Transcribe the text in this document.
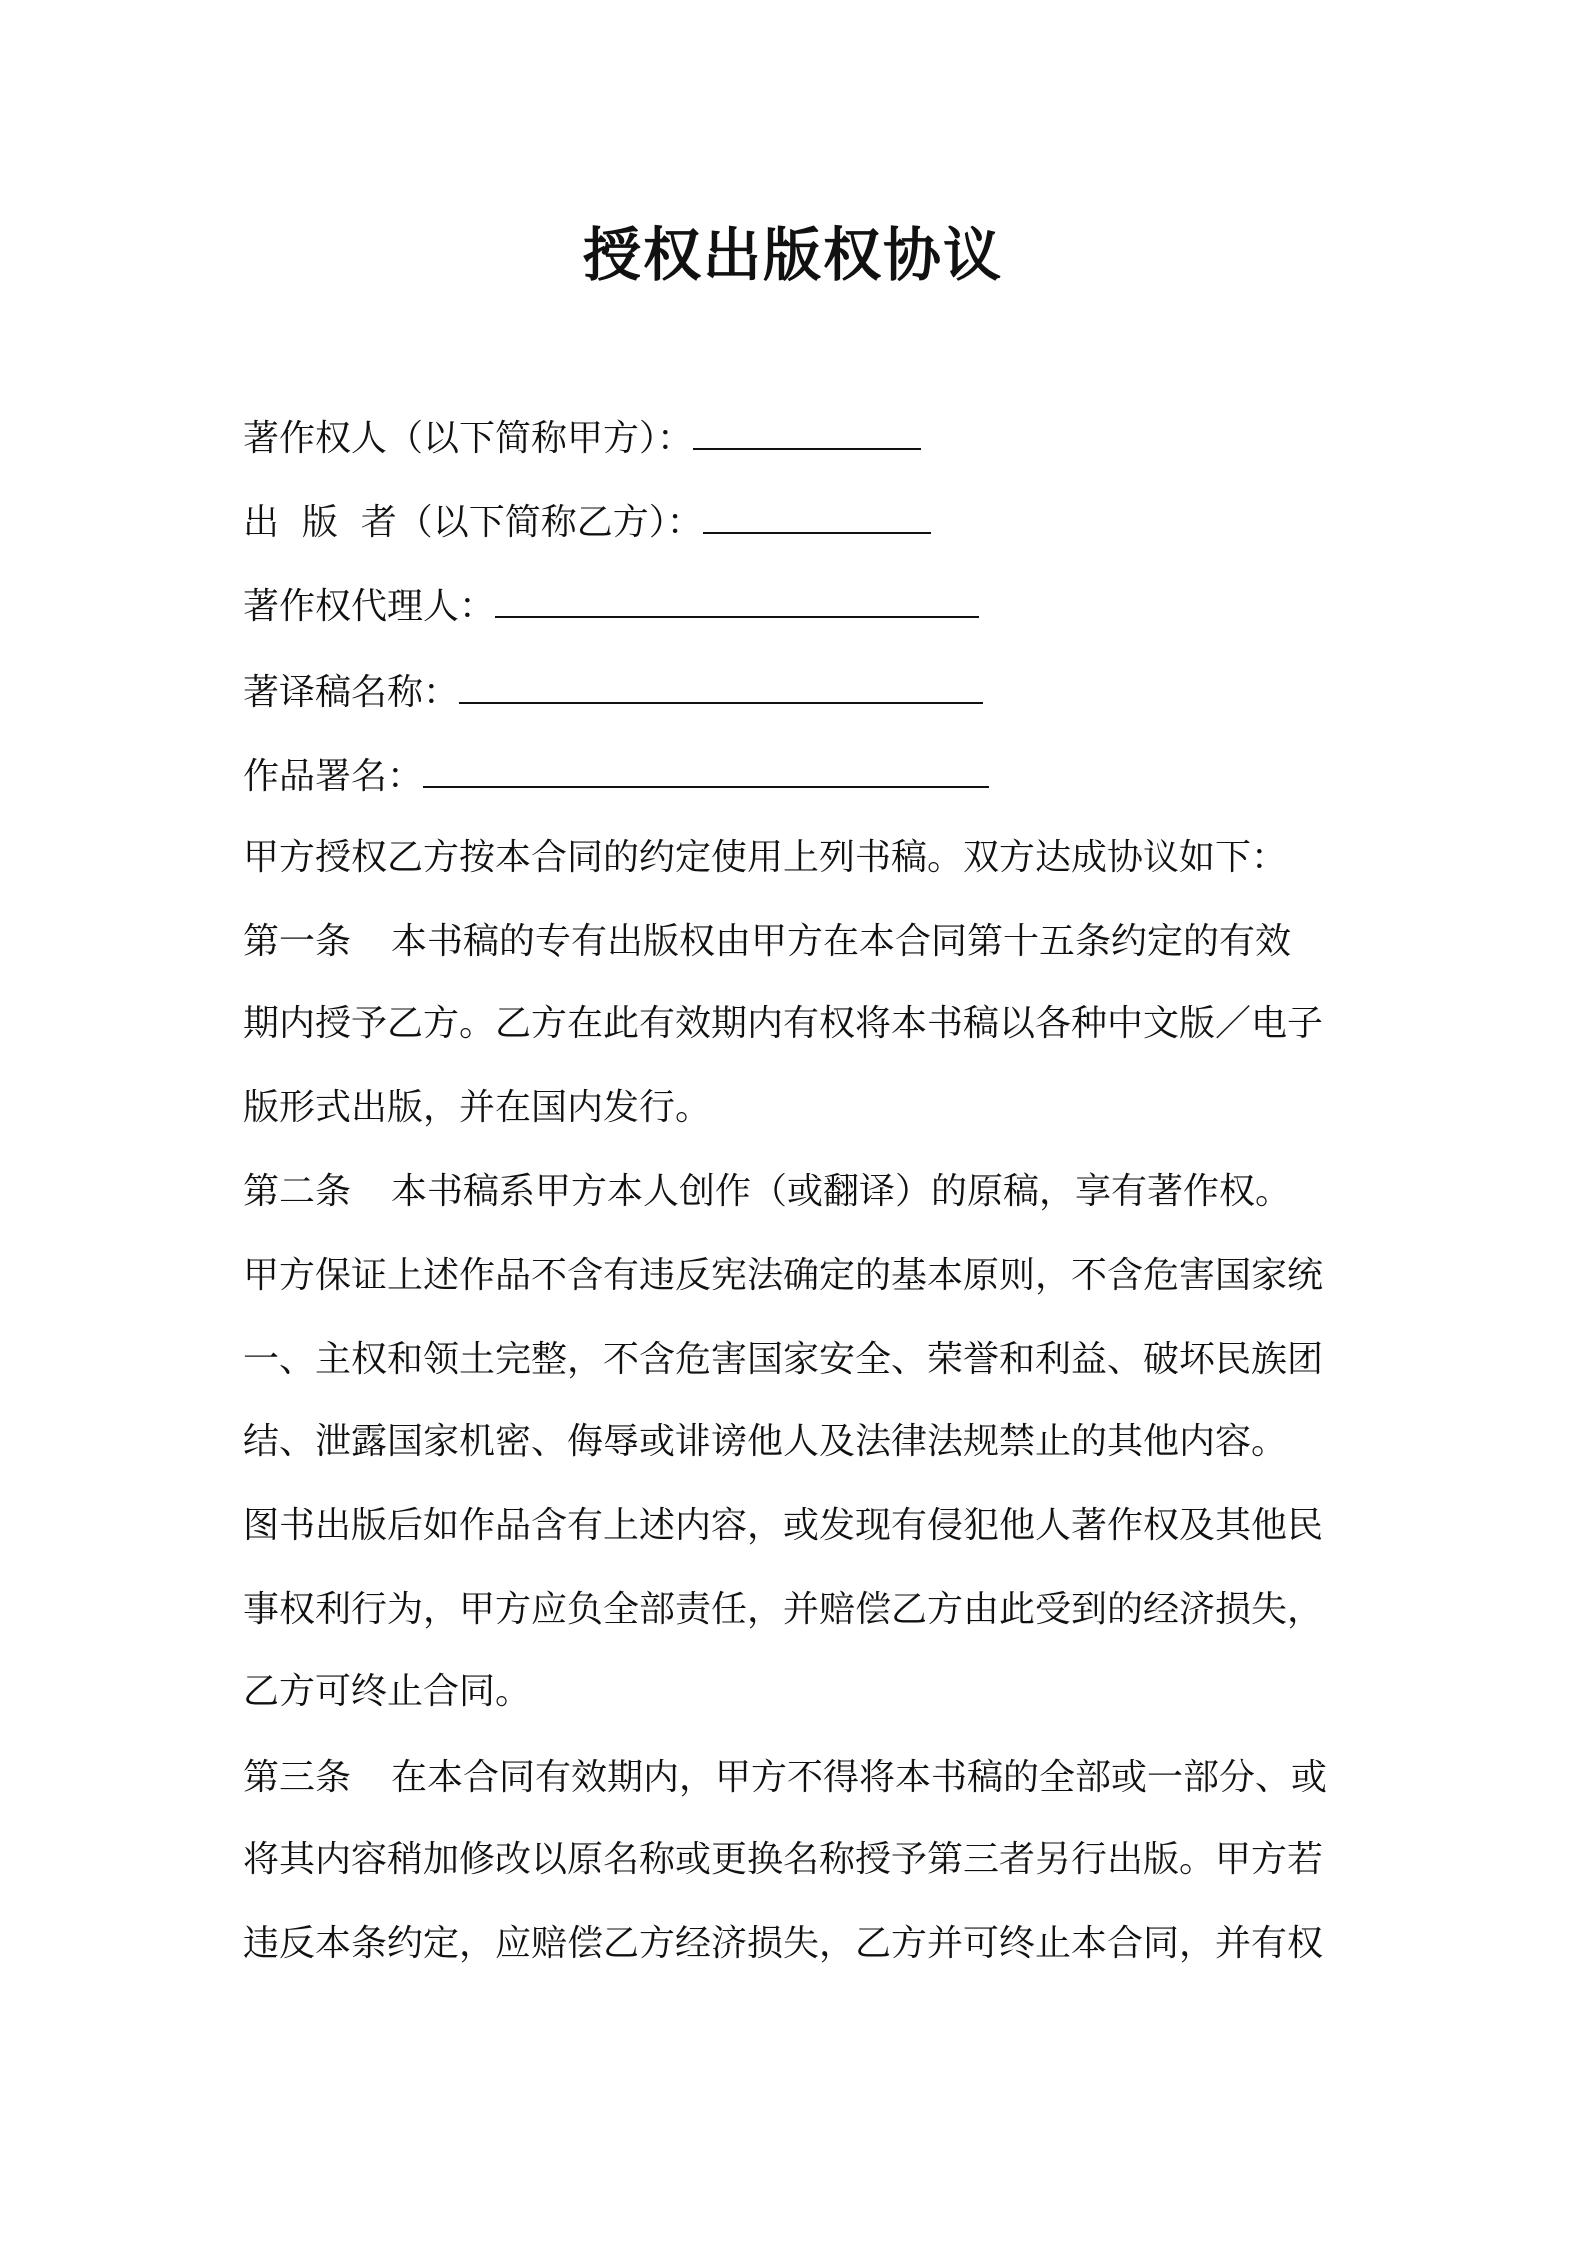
授权出版权协议

著作权人（以下简称甲方）：

出  版  者（以下简称乙方）：

著作权代理人：

著译稿名称：

作品署名：

甲方授权乙方按本合同的约定使用上列书稿。双方达成协议如下：

第一条 本书稿的专有出版权由甲方在本合同第十五条约定的有效

期内授予乙方。乙方在此有效期内有权将本书稿以各种中文版／电子

版形式出版，并在国内发行。

第二条 本书稿系甲方本人创作（或翻译）的原稿，享有著作权。

甲方保证上述作品不含有违反宪法确定的基本原则，不含危害国家统

一、主权和领土完整，不含危害国家安全、荣誉和利益、破坏民族团

结、泄露国家机密、侮辱或诽谤他人及法律法规禁止的其他内容。

图书出版后如作品含有上述内容，或发现有侵犯他人著作权及其他民

事权利行为，甲方应负全部责任，并赔偿乙方由此受到的经济损失，

乙方可终止合同。

第三条 在本合同有效期内，甲方不得将本书稿的全部或一部分、或

将其内容稍加修改以原名称或更换名称授予第三者另行出版。甲方若

违反本条约定，应赔偿乙方经济损失，乙方并可终止本合同，并有权
